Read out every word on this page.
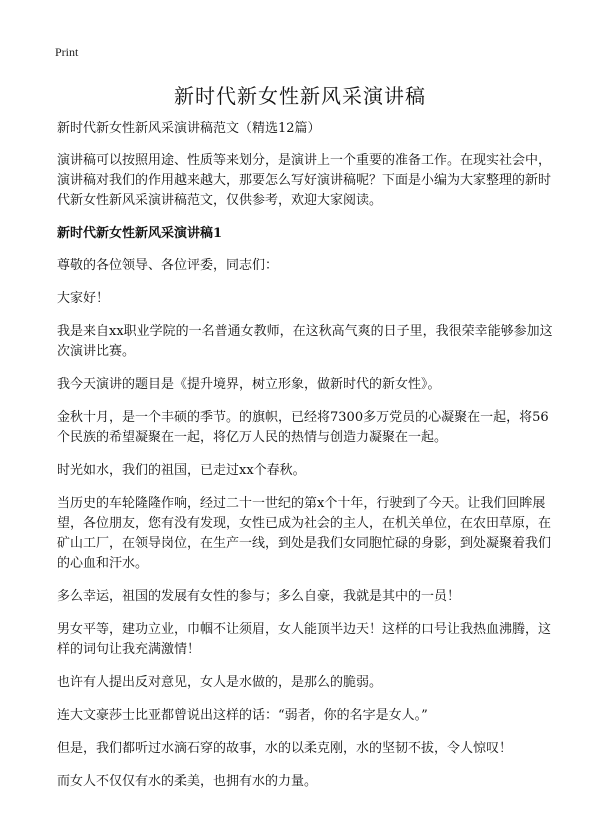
Print
新时代新女性新风采演讲稿

新时代新女性新风采演讲稿范文（精选12篇）

演讲稿可以按照用途、性质等来划分，是演讲上一个重要的准备工作。在现实社会中，演讲稿对我们的作用越来越大，那要怎么写好演讲稿呢？下面是小编为大家整理的新时代新女性新风采演讲稿范文，仅供参考，欢迎大家阅读。

新时代新女性新风采演讲稿1

尊敬的各位领导、各位评委，同志们：

大家好！

我是来自xx职业学院的一名普通女教师，在这秋高气爽的日子里，我很荣幸能够参加这次演讲比赛。

我今天演讲的题目是《提升境界，树立形象，做新时代的新女性》。

金秋十月，是一个丰硕的季节。的旗帜，已经将7300多万党员的心凝聚在一起，将56个民族的希望凝聚在一起，将亿万人民的热情与创造力凝聚在一起。

时光如水，我们的祖国，已走过xx个春秋。

当历史的车轮隆隆作响，经过二十一世纪的第x个十年，行驶到了今天。让我们回眸展望，各位朋友，您有没有发现，女性已成为社会的主人，在机关单位，在农田草原，在矿山工厂，在领导岗位，在生产一线，到处是我们女同胞忙碌的身影，到处凝聚着我们的心血和汗水。

多么幸运，祖国的发展有女性的参与；多么自豪，我就是其中的一员！

男女平等，建功立业，巾帼不让须眉，女人能顶半边天！这样的口号让我热血沸腾，这样的词句让我充满激情！

也许有人提出反对意见，女人是水做的，是那么的脆弱。

连大文豪莎士比亚都曾说出这样的话：“弱者，你的名字是女人。”

但是，我们都听过水滴石穿的故事，水的以柔克刚，水的坚韧不拔，令人惊叹！

而女人不仅仅有水的柔美，也拥有水的力量。
